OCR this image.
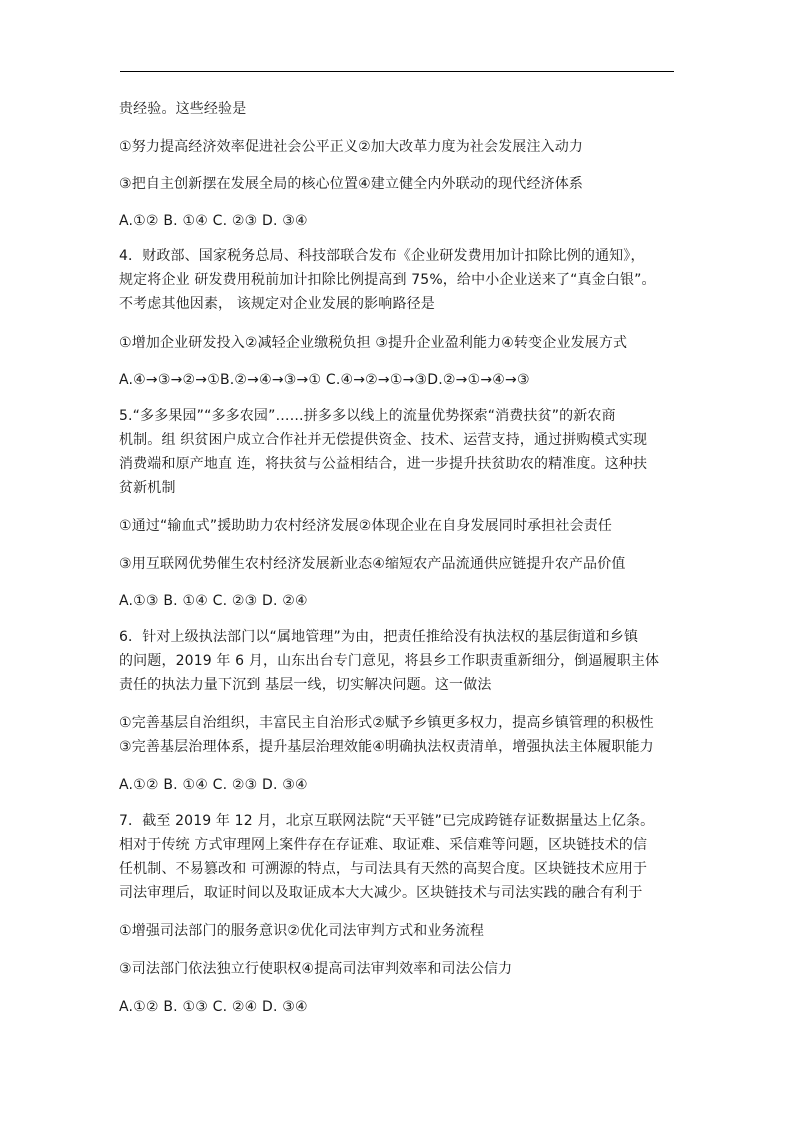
贵经验。这些经验是
①努力提高经济效率促进社会公平正义②加大改革力度为社会发展注入动力
③把自主创新摆在发展全局的核心位置④建立健全内外联动的现代经济体系
A.①② B. ①④ C. ②③ D. ③④
4．财政部、国家税务总局、科技部联合发布《企业研发费用加计扣除比例的通知》，
规定将企业 研发费用税前加计扣除比例提高到 75%，给中小企业送来了“真金白银”。
不考虑其他因素， 该规定对企业发展的影响路径是
①增加企业研发投入②减轻企业缴税负担 ③提升企业盈利能力④转变企业发展方式
A.④→③→②→①B.②→④→③→① C.④→②→①→③D.②→①→④→③
5.“多多果园”“多多农园”……拼多多以线上的流量优势探索“消费扶贫”的新农商
机制。组 织贫困户成立合作社并无偿提供资金、技术、运营支持，通过拼购模式实现
消费端和原产地直 连，将扶贫与公益相结合，进一步提升扶贫助农的精准度。这种扶
贫新机制
①通过“输血式”援助助力农村经济发展②体现企业在自身发展同时承担社会责任
③用互联网优势催生农村经济发展新业态④缩短农产品流通供应链提升农产品价值
A.①③ B. ①④ C. ②③ D. ②④
6．针对上级执法部门以“属地管理”为由，把责任推给没有执法权的基层街道和乡镇
的问题，2019 年 6 月，山东出台专门意见，将县乡工作职责重新细分，倒逼履职主体
责任的执法力量下沉到 基层一线，切实解决问题。这一做法
①完善基层自治组织，丰富民主自治形式②赋予乡镇更多权力，提高乡镇管理的积极性
③完善基层治理体系，提升基层治理效能④明确执法权责清单，增强执法主体履职能力
A.①② B. ①④ C. ②③ D. ③④
7．截至 2019 年 12 月，北京互联网法院“天平链”已完成跨链存证数据量达上亿条。
相对于传统 方式审理网上案件存在存证难、取证难、采信难等问题，区块链技术的信
任机制、不易篡改和 可溯源的特点，与司法具有天然的高契合度。区块链技术应用于
司法审理后，取证时间以及取证成本大大减少。区块链技术与司法实践的融合有利于
①增强司法部门的服务意识②优化司法审判方式和业务流程
③司法部门依法独立行使职权④提高司法审判效率和司法公信力
A.①② B. ①③ C. ②④ D. ③④
